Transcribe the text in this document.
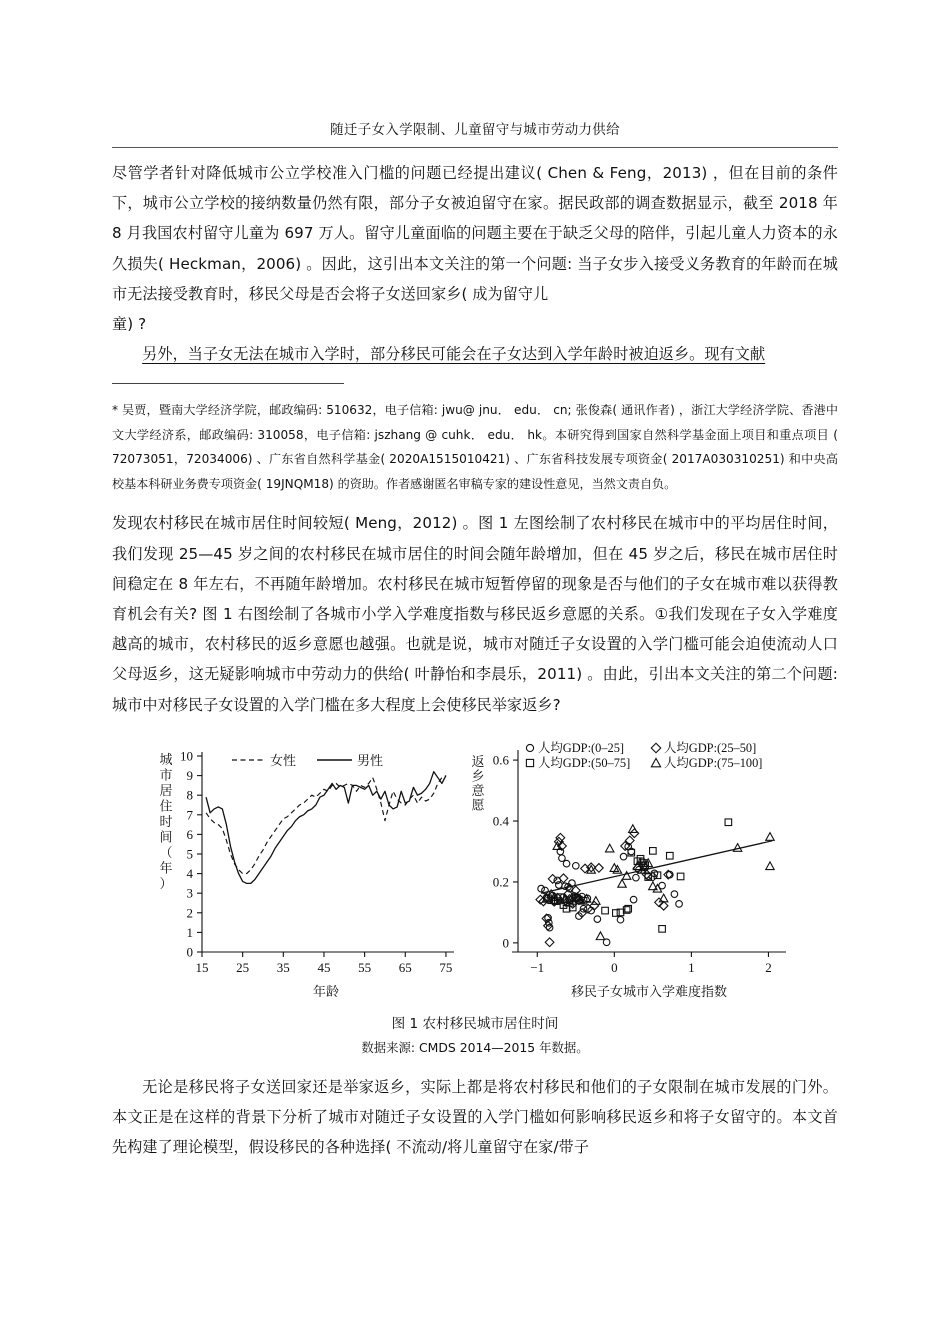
随迁子女入学限制、儿童留守与城市劳动力供给

尽管学者针对降低城市公立学校准入门槛的问题已经提出建议( Chen & Feng，2013) ，但在目前的条件下，城市公立学校的接纳数量仍然有限，部分子女被迫留守在家。据民政部的调查数据显示，截至 2018 年 8 月我国农村留守儿童为 697 万人。留守儿童面临的问题主要在于缺乏父母的陪伴，引起儿童人力资本的永久损失( Heckman，2006) 。因此，这引出本文关注的第一个问题: 当子女步入接受义务教育的年龄而在城市无法接受教育时，移民父母是否会将子女送回家乡( 成为留守儿

童) ?

另外，当子女无法在城市入学时，部分移民可能会在子女达到入学年龄时被迫返乡。现有文献

* 吴贾，暨南大学经济学院，邮政编码: 510632，电子信箱: jwu@ jnu． edu． cn; 张俊森( 通讯作者) ，浙江大学经济学院、香港中文大学经济系，邮政编码: 310058，电子信箱: jszhang @ cuhk． edu． hk。本研究得到国家自然科学基金面上项目和重点项目 ( 72073051，72034006) 、广东省自然科学基金( 2020A1515010421) 、广东省科技发展专项资金( 2017A030310251) 和中央高校基本科研业务费专项资金( 19JNQM18) 的资助。作者感谢匿名审稿专家的建设性意见，当然文责自负。

发现农村移民在城市居住时间较短( Meng，2012) 。图 1 左图绘制了农村移民在城市中的平均居住时间，我们发现 25—45 岁之间的农村移民在城市居住的时间会随年龄增加，但在 45 岁之后，移民在城市居住时间稳定在 8 年左右，不再随年龄增加。农村移民在城市短暂停留的现象是否与他们的子女在城市难以获得教育机会有关? 图 1 右图绘制了各城市小学入学难度指数与移民返乡意愿的关系。①我们发现在子女入学难度越高的城市，农村移民的返乡意愿也越强。也就是说，城市对随迁子女设置的入学门槛可能会迫使流动人口父母返乡，这无疑影响城市中劳动力的供给( 叶静怡和李晨乐，2011) 。由此，引出本文关注的第二个问题: 城市中对移民子女设置的入学门槛在多大程度上会使移民举家返乡?

0
1
2
3
4
5
6
7
8
9
10
15 25 35 45 55 65 75
年龄
城
市
居
住
时
间
（
年
）
女性	男性
0
0.2
0.4
0.6
−1	0	1	2
移民子女城市入学难度指数
返
乡
意
愿
人均GDP:(0–25]	人均GDP:(25–50]
人均GDP:(50–75]	人均GDP:(75–100]
图 1 农村移民城市居住时间
数据来源: CMDS 2014—2015 年数据。

无论是移民将子女送回家还是举家返乡，实际上都是将农村移民和他们的子女限制在城市发展的门外。本文正是在这样的背景下分析了城市对随迁子女设置的入学门槛如何影响移民返乡和将子女留守的。本文首先构建了理论模型，假设移民的各种选择( 不流动/将儿童留守在家/带子
